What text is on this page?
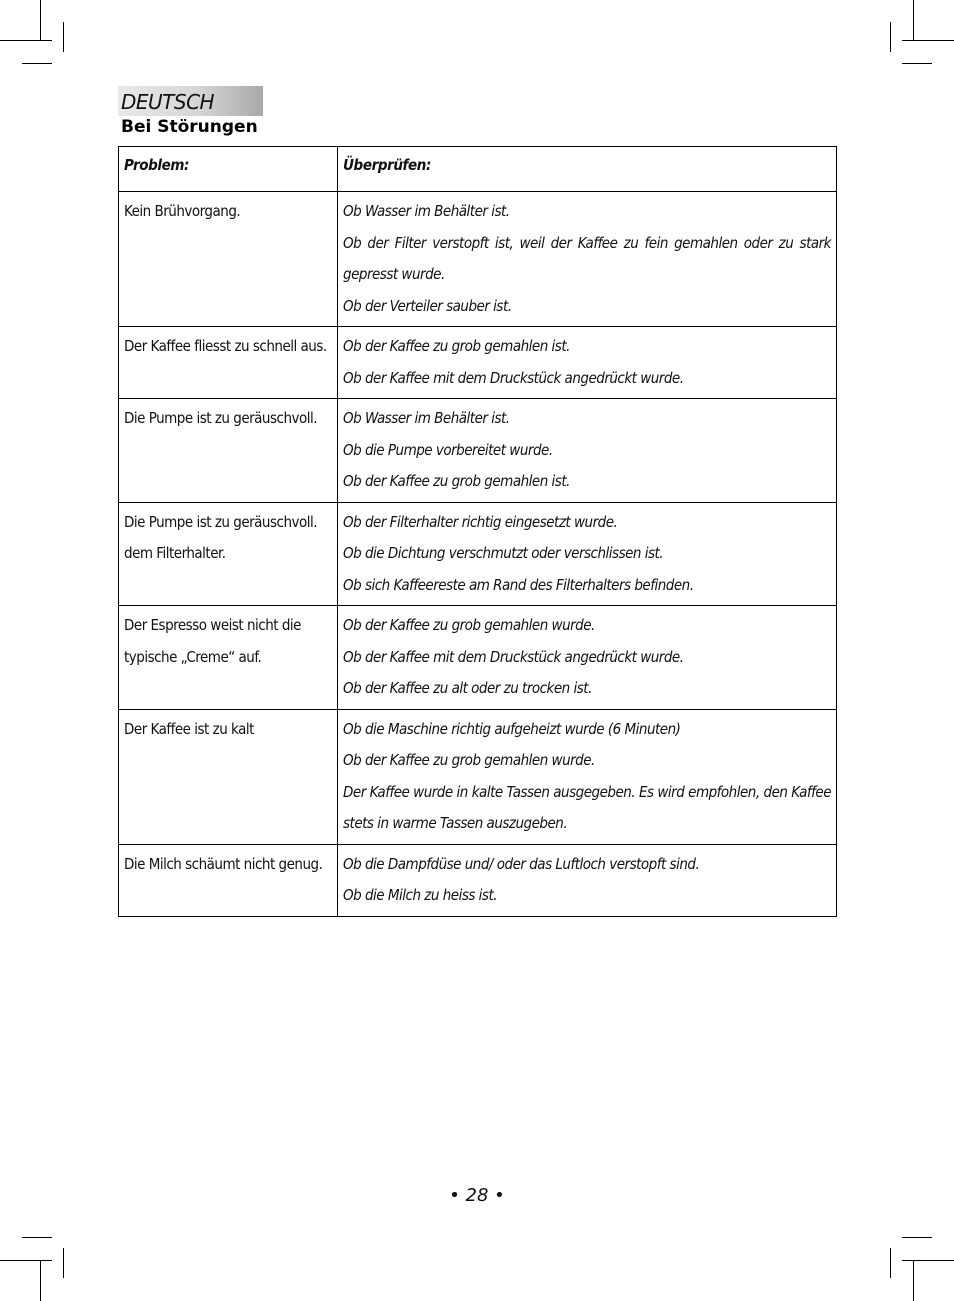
DEUTSCH
Bei Störungen
Problem:	Überprüfen:
Kein Brühvorgang.	Ob Wasser im Behälter ist.
Ob der Filter verstopft ist, weil der Kaffee zu fein gemahlen oder zu stark gepresst wurde.
Ob der Verteiler sauber ist.

Der Kaffee fliesst zu schnell aus.	Ob der Kaffee zu grob gemahlen ist.
Ob der Kaffee mit dem Druckstück angedrückt wurde.

Die Pumpe ist zu geräuschvoll.	Ob Wasser im Behälter ist.
Ob die Pumpe vorbereitet wurde.
Ob der Kaffee zu grob gemahlen ist.

Die Pumpe ist zu geräuschvoll. dem Filterhalter.	Ob der Filterhalter richtig eingesetzt wurde.
Ob die Dichtung verschmutzt oder verschlissen ist.
Ob sich Kaffeereste am Rand des Filterhalters befinden.

Der Espresso weist nicht die typische „Creme“ auf.	Ob der Kaffee zu grob gemahlen wurde.
Ob der Kaffee mit dem Druckstück angedrückt wurde.
Ob der Kaffee zu alt oder zu trocken ist.

Der Kaffee ist zu kalt	Ob die Maschine richtig aufgeheizt wurde (6 Minuten)
Ob der Kaffee zu grob gemahlen wurde.
Der Kaffee wurde in kalte Tassen ausgegeben. Es wird empfohlen, den Kaffee stets in warme Tassen auszugeben.

Die Milch schäumt nicht genug.	Ob die Dampfdüse und/ oder das Luftloch verstopft sind.
Ob die Milch zu heiss ist.
• 28 •
